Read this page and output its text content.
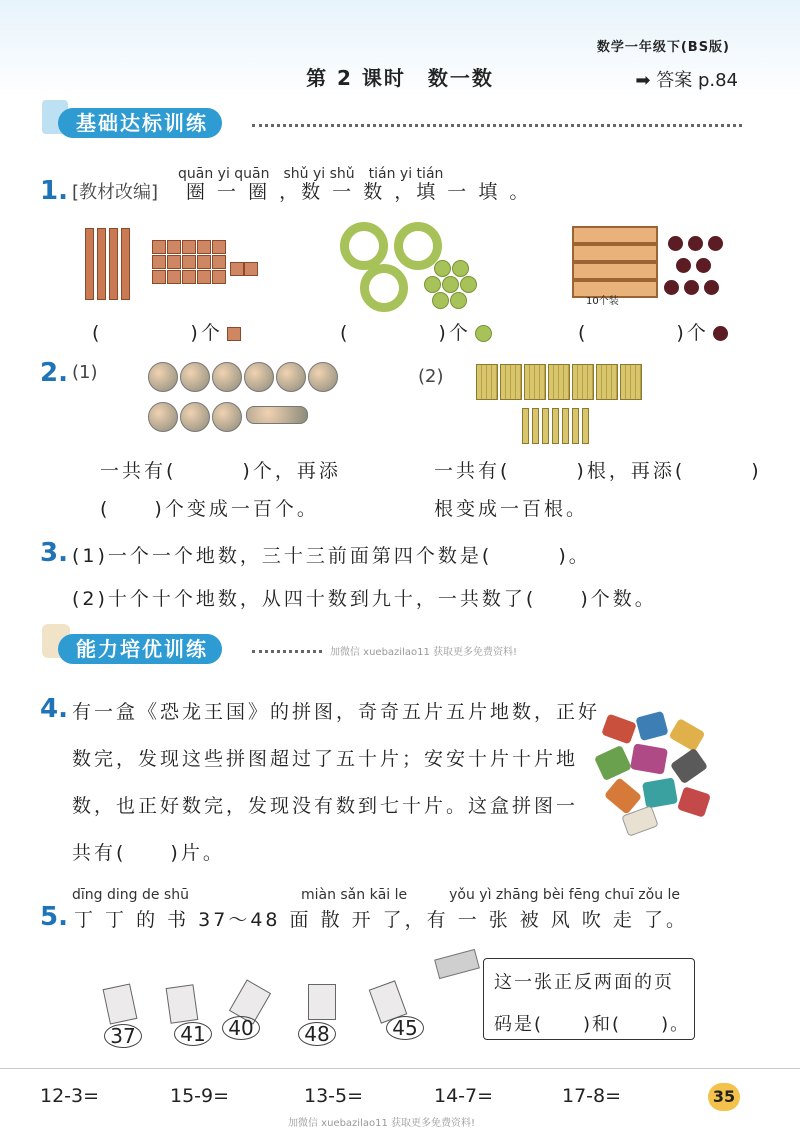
数学一年级下(BS版)
第 2 课时　数一数	➡ 答案 p.84
基础达标训练
quān yi quān　shǔ yi shǔ　tián yi tián
1. [教材改编] 圈 一 圈 ，数 一 数 ，填 一 填 。
10个装
(　　　　)个	(　　　　)个	(　　　　)个
2. (1)	(2)
一共有(　　　)个，再添
(　　)个变成一百个。
一共有(　　　)根，再添(　　　)
根变成一百根。
3. (1)一个一个地数，三十三前面第四个数是(　　　)。
(2)十个十个地数，从四十数到九十，一共数了(　　)个数。
能力培优训练	加微信 xuebazilao11 获取更多免费资料!
4. 有一盒《恐龙王国》的拼图，奇奇五片五片地数，正好
数完，发现这些拼图超过了五十片；安安十片十片地
数，也正好数完，发现没有数到七十片。这盒拼图一
共有(　　)片。
dīng ding de shū　　　　　　　　miàn sǎn kāi le　　　yǒu yì zhāng bèi fēng chuī zǒu le
5. 丁 丁 的 书 37～48 面 散 开 了，有 一 张 被 风 吹 走 了。
37	41	40	48	45
这一张正反两面的页
码是(　　)和(　　)。
12-3=	15-9=	13-5=	14-7=	17-8=	35
加微信 xuebazilao11 获取更多免费资料!
